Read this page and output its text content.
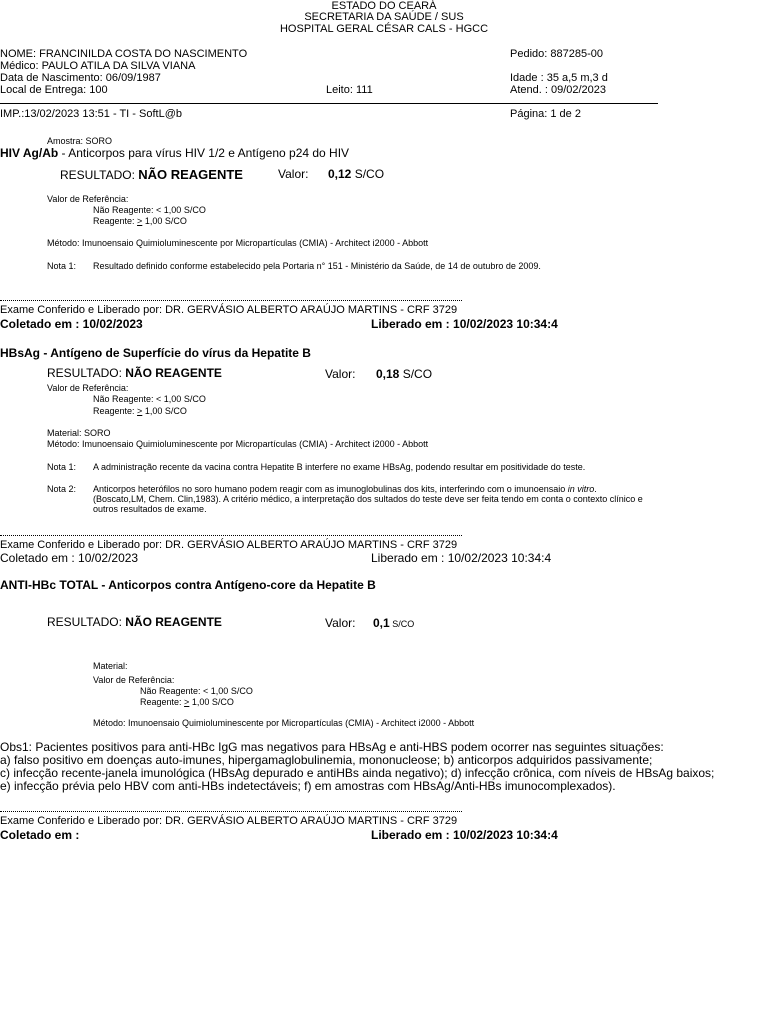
ESTADO DO CEARÁ
SECRETARIA DA SAÚDE / SUS
HOSPITAL GERAL CÉSAR CALS - HGCC
NOME: FRANCINILDA COSTA DO NASCIMENTO	Pedido: 887285-00
Médico: PAULO ATILA DA SILVA VIANA
Data de Nascimento: 06/09/1987	Idade : 35 a,5 m,3 d
Local de Entrega: 100	Leito: 111	Atend. : 09/02/2023
IMP.:13/02/2023 13:51 - TI - SoftL@b	Página: 1 de 2
Amostra: SORO
HIV Ag/Ab - Anticorpos para vírus HIV 1/2 e Antígeno p24 do HIV
RESULTADO: NÃO REAGENTE	Valor: 0,12 S/CO
Valor de Referência:
Não Reagente: < 1,00 S/CO
Reagente: > 1,00 S/CO
Método: Imunoensaio Quimioluminescente por Micropartículas (CMIA) - Architect i2000 - Abbott
Nota 1: Resultado definido conforme estabelecido pela Portaria n° 151 - Ministério da Saúde, de 14 de outubro de 2009.
Exame Conferido e Liberado por: DR. GERVÁSIO ALBERTO ARAÚJO MARTINS - CRF 3729
Coletado em : 10/02/2023	Liberado em : 10/02/2023 10:34:4
HBsAg - Antígeno de Superfície do vírus da Hepatite B
RESULTADO: NÃO REAGENTE	Valor: 0,18 S/CO
Valor de Referência:
Não Reagente: < 1,00 S/CO
Reagente: > 1,00 S/CO
Material: SORO
Método: Imunoensaio Quimioluminescente por Micropartículas (CMIA) - Architect i2000 - Abbott
Nota 1: A administração recente da vacina contra Hepatite B interfere no exame HBsAg, podendo resultar em positividade do teste.
Nota 2: Anticorpos heterófilos no soro humano podem reagir com as imunoglobulinas dos kits, interferindo com o imunoensaio in vitro. (Boscato,LM, Chem. Clin,1983). A critério médico, a interpretação dos sultados do teste deve ser feita tendo em conta o contexto clínico e outros resultados de exame.
Exame Conferido e Liberado por: DR. GERVÁSIO ALBERTO ARAÚJO MARTINS - CRF 3729
Coletado em : 10/02/2023	Liberado em : 10/02/2023 10:34:4
ANTI-HBc TOTAL - Anticorpos contra Antígeno-core da Hepatite B
RESULTADO: NÃO REAGENTE	Valor: 0,1 S/CO
Material:
Valor de Referência:
Não Reagente: < 1,00 S/CO
Reagente: > 1,00 S/CO
Método: Imunoensaio Quimioluminescente por Micropartículas (CMIA) - Architect i2000 - Abbott
Obs1: Pacientes positivos para anti-HBc IgG mas negativos para HBsAg e anti-HBS podem ocorrer nas seguintes situações:
a) falso positivo em doenças auto-imunes, hipergamaglobulinemia, mononucleose; b) anticorpos adquiridos passivamente;
c) infecção recente-janela imunológica (HBsAg depurado e antiHBs ainda negativo); d) infecção crônica, com níveis de HBsAg baixos;
e) infecção prévia pelo HBV com anti-HBs indetectáveis; f) em amostras com HBsAg/Anti-HBs imunocomplexados).
Exame Conferido e Liberado por: DR. GERVÁSIO ALBERTO ARAÚJO MARTINS - CRF 3729
Coletado em :	Liberado em : 10/02/2023 10:34:4
